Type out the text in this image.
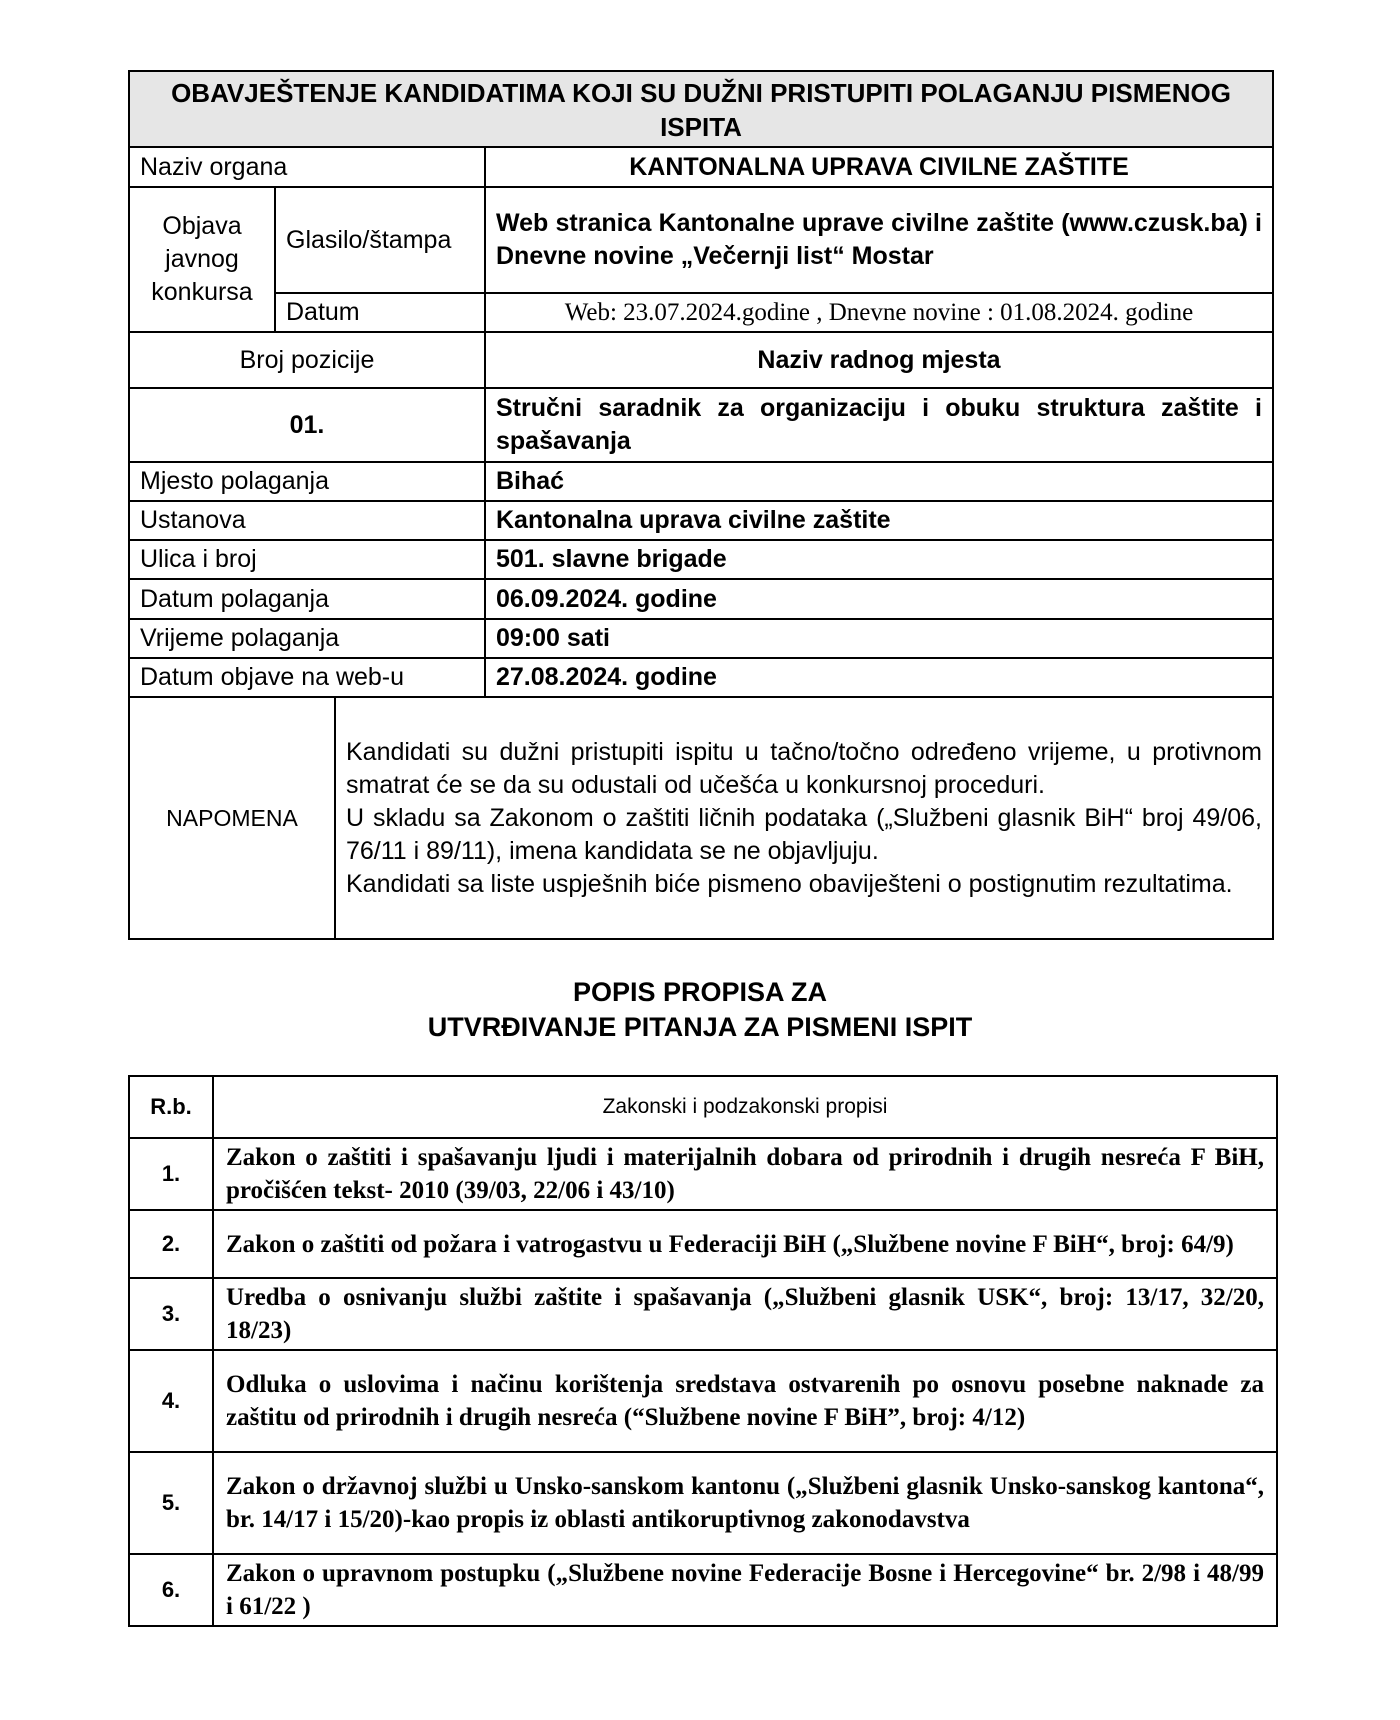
OBAVJEŠTENJE KANDIDATIMA KOJI SU DUŽNI PRISTUPITI POLAGANJU PISMENOG ISPITA			
Naziv organa			KANTONALNA UPRAVA CIVILNE ZAŠTITE
Objava javnog konkursa	Glasilo/štampa		Web stranica Kantonalne uprave civilne zaštite (www.czusk.ba) i Dnevne novine „Večernji list“ Mostar
	Datum		Web: 23.07.2024.godine , Dnevne novine : 01.08.2024. godine
Broj pozicije			Naziv radnog mjesta
01.			Stručni saradnik za organizaciju i obuku struktura zaštite i spašavanja
Mjesto polaganja			Bihać
Ustanova			Kantonalna uprava civilne zaštite
Ulica i broj			501. slavne brigade
Datum polaganja			06.09.2024. godine
Vrijeme polaganja			09:00 sati
Datum objave na web-u			27.08.2024. godine
NAPOMENA		Kandidati su dužni pristupiti ispitu u tačno/točno određeno vrijeme, u protivnom smatrat će se da su odustali od učešća u konkursnoj proceduri.

U skladu sa Zakonom o zaštiti ličnih podataka („Službeni glasnik BiH“ broj 49/06, 76/11 i 89/11), imena kandidata se ne objavljuju.

Kandidati sa liste uspješnih biće pismeno obaviješteni o postignutim rezultatima.	

POPIS PROPISA ZA
UTVRĐIVANJE PITANJA ZA PISMENI ISPIT
R.b.	Zakonski i podzakonski propisi
1.	Zakon o zaštiti i spašavanju ljudi i materijalnih dobara od prirodnih i drugih nesreća F BiH, pročišćen tekst- 2010 (39/03, 22/06 i 43/10)
2.	Zakon o zaštiti od požara i vatrogastvu u Federaciji BiH („Službene novine F BiH“, broj: 64/9)
3.	Uredba o osnivanju službi zaštite i spašavanja („Službeni glasnik USK“, broj: 13/17, 32/20, 18/23)
4.	Odluka o uslovima i načinu korištenja sredstava ostvarenih po osnovu posebne naknade za zaštitu od prirodnih i drugih nesreća (“Službene novine F BiH”, broj: 4/12)
5.	Zakon o državnoj službi u Unsko-sanskom kantonu („Službeni glasnik Unsko-sanskog kantona“, br. 14/17 i 15/20)-kao propis iz oblasti antikoruptivnog zakonodavstva
6.	Zakon o upravnom postupku („Službene novine Federacije Bosne i Hercegovine“ br. 2/98 i 48/99 i 61/22 )
